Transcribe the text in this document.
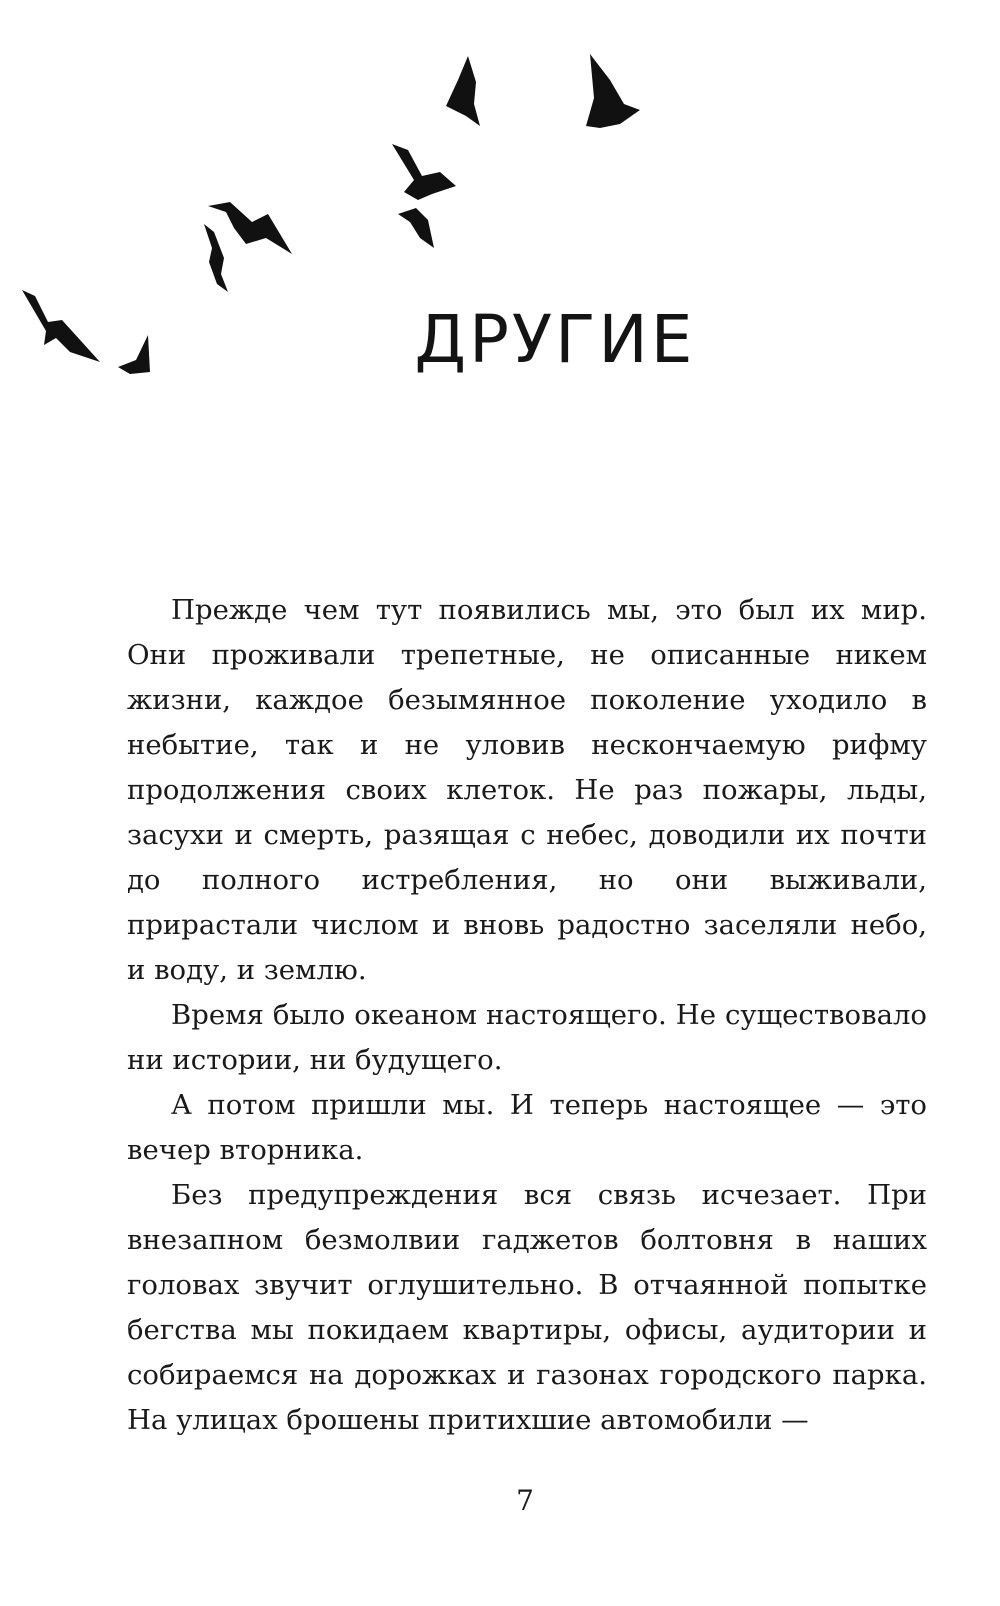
ДРУГИЕ

Прежде чем тут появились мы, это был их мир. Они проживали трепетные, не описанные никем жизни, каждое безымянное поколение уходило в небытие, так и не уловив нескончаемую рифму продолжения своих клеток. Не раз пожары, льды, засухи и смерть, разящая с небес, доводили их почти до полного истребления, но они выживали, прирастали числом и вновь радостно заселяли небо, и воду, и землю.

Время было океаном настоящего. Не существовало ни истории, ни будущего.

А потом пришли мы. И теперь настоящее — это вечер вторника.

Без предупреждения вся связь исчезает. При внезапном безмолвии гаджетов болтовня в наших головах звучит оглушительно. В отчаянной попытке бегства мы покидаем квартиры, офисы, аудитории и собираемся на дорожках и газонах городского парка. На улицах брошены притихшие автомобили —

7
